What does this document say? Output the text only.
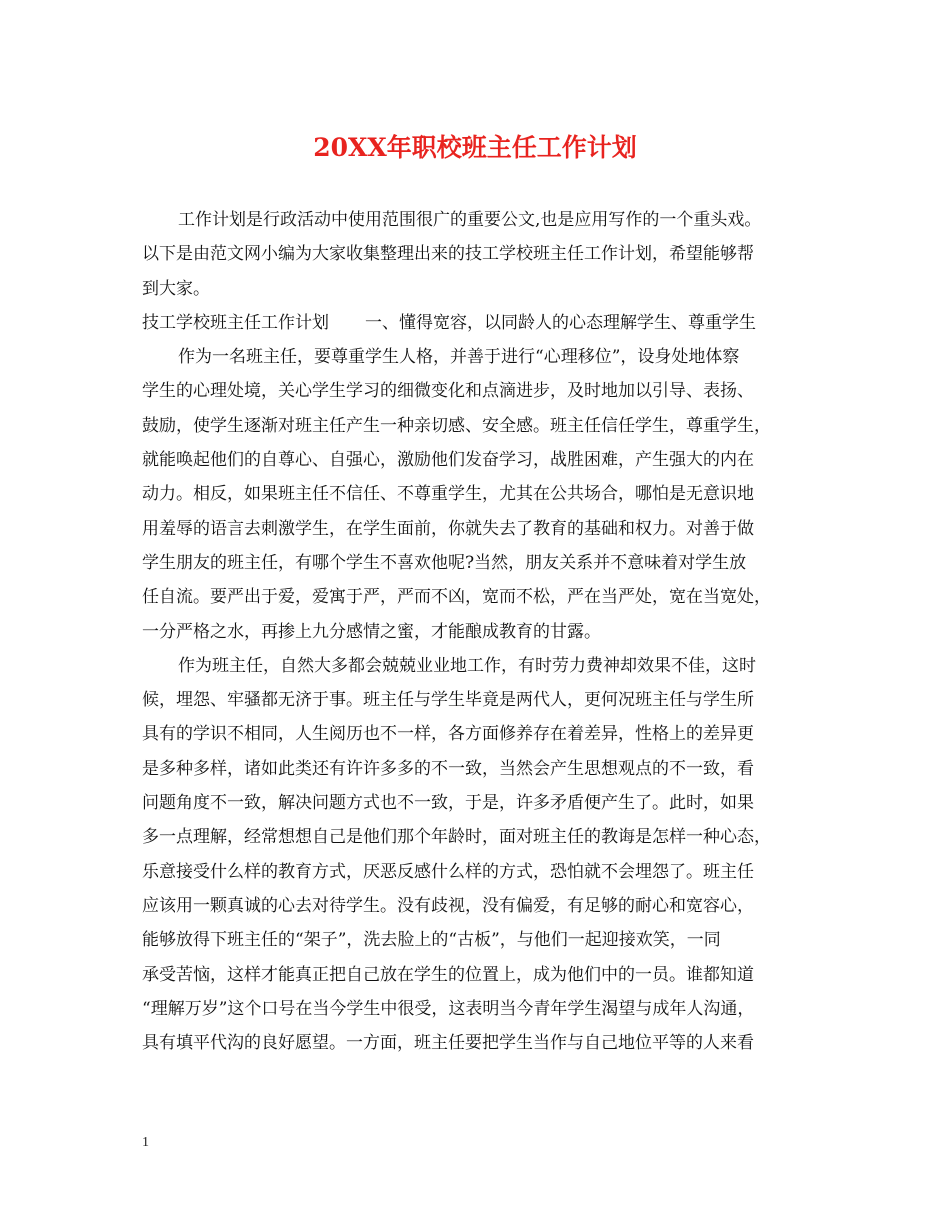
20XX年职校班主任工作计划
工作计划是行政活动中使用范围很广的重要公文,也是应用写作的一个重头戏。
以下是由范文网小编为大家收集整理出来的技工学校班主任工作计划，希望能够帮
到大家。
技工学校班主任工作计划 一、懂得宽容，以同龄人的心态理解学生、尊重学生
作为一名班主任，要尊重学生人格，并善于进行“心理移位”，设身处地体察
学生的心理处境，关心学生学习的细微变化和点滴进步，及时地加以引导、表扬、
鼓励，使学生逐渐对班主任产生一种亲切感、安全感。班主任信任学生，尊重学生，
就能唤起他们的自尊心、自强心，激励他们发奋学习，战胜困难，产生强大的内在
动力。相反，如果班主任不信任、不尊重学生，尤其在公共场合，哪怕是无意识地
用羞辱的语言去刺激学生，在学生面前，你就失去了教育的基础和权力。对善于做
学生朋友的班主任，有哪个学生不喜欢他呢?当然，朋友关系并不意味着对学生放
任自流。要严出于爱，爱寓于严，严而不凶，宽而不松，严在当严处，宽在当宽处，
一分严格之水，再掺上九分感情之蜜，才能酿成教育的甘露。
作为班主任，自然大多都会兢兢业业地工作，有时劳力费神却效果不佳，这时
候，埋怨、牢骚都无济于事。班主任与学生毕竟是两代人，更何况班主任与学生所
具有的学识不相同，人生阅历也不一样，各方面修养存在着差异，性格上的差异更
是多种多样，诸如此类还有许许多多的不一致，当然会产生思想观点的不一致，看
问题角度不一致，解决问题方式也不一致，于是，许多矛盾便产生了。此时，如果
多一点理解，经常想想自己是他们那个年龄时，面对班主任的教诲是怎样一种心态，
乐意接受什么样的教育方式，厌恶反感什么样的方式，恐怕就不会埋怨了。班主任
应该用一颗真诚的心去对待学生。没有歧视，没有偏爱，有足够的耐心和宽容心，
能够放得下班主任的“架子”，洗去脸上的“古板”，与他们一起迎接欢笑，一同
承受苦恼，这样才能真正把自己放在学生的位置上，成为他们中的一员。谁都知道
“理解万岁”这个口号在当今学生中很受，这表明当今青年学生渴望与成年人沟通，
具有填平代沟的良好愿望。一方面，班主任要把学生当作与自己地位平等的人来看
1
